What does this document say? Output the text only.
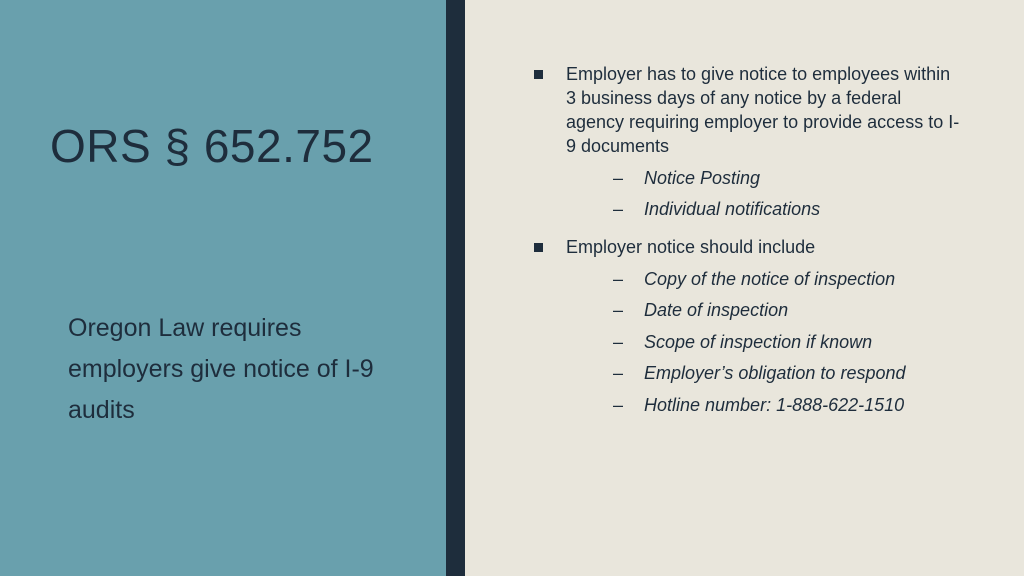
ORS § 652.752
Oregon Law requires employers give notice of I-9 audits
Employer has to give notice to employees within 3 business days of any notice by a federal agency requiring employer to provide access to I-9 documents
– Notice Posting
– Individual notifications
Employer notice should include
– Copy of the notice of inspection
– Date of inspection
– Scope of inspection if known
– Employer’s obligation to respond
– Hotline number: 1-888-622-1510
